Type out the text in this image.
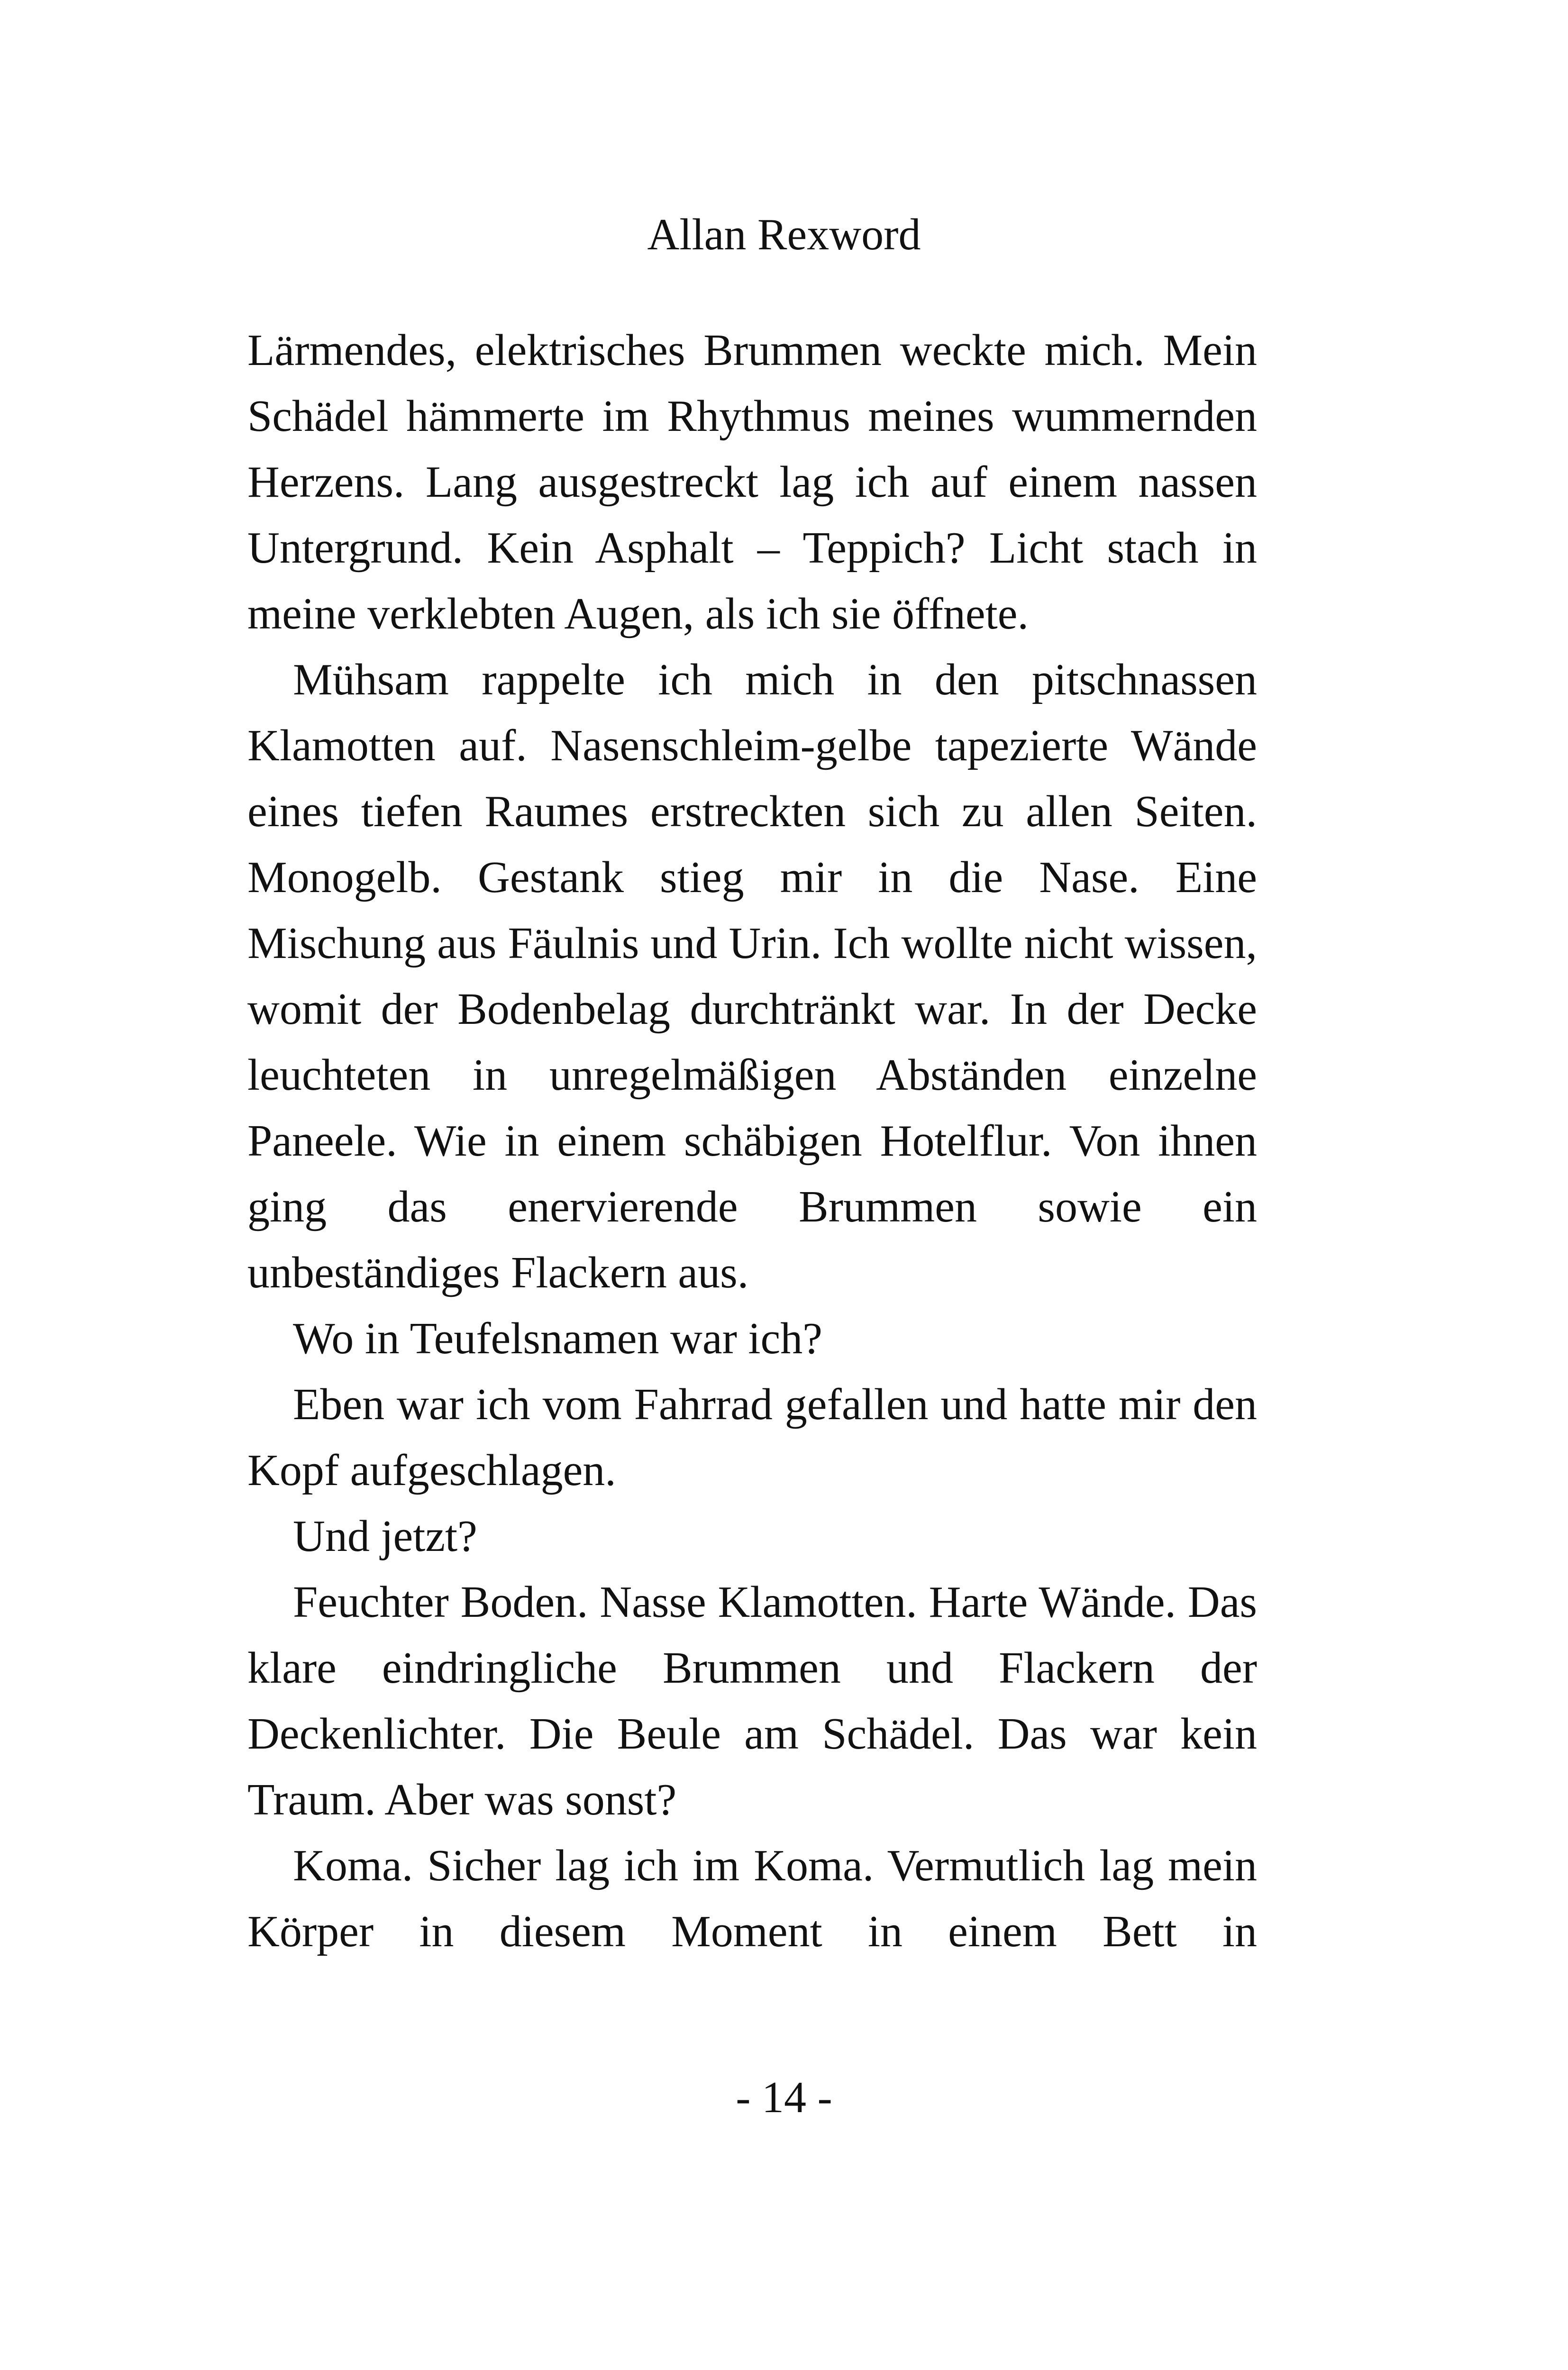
Allan Rexword

Lärmendes, elektrisches Brummen weckte mich. Mein Schädel hämmerte im Rhythmus meines wummernden Herzens. Lang ausgestreckt lag ich auf einem nassen Untergrund. Kein Asphalt – Teppich? Licht stach in meine verklebten Augen, als ich sie öffnete.

Mühsam rappelte ich mich in den pitschnassen Klamotten auf. Nasenschleim-gelbe tapezierte Wände eines tiefen Raumes erstreckten sich zu allen Seiten. Monogelb. Gestank stieg mir in die Nase. Eine Mischung aus Fäulnis und Urin. Ich wollte nicht wissen, womit der Bodenbelag durchtränkt war. In der Decke leuchteten in unregelmäßigen Abständen einzelne Paneele. Wie in einem schäbigen Hotelflur. Von ihnen ging das enervierende Brummen sowie ein unbeständiges Flackern aus.

Wo in Teufelsnamen war ich?

Eben war ich vom Fahrrad gefallen und hatte mir den Kopf aufgeschlagen.

Und jetzt?

Feuchter Boden. Nasse Klamotten. Harte Wände. Das klare eindringliche Brummen und Flackern der Deckenlichter. Die Beule am Schädel. Das war kein Traum. Aber was sonst?

Koma. Sicher lag ich im Koma. Vermutlich lag mein Körper in diesem Moment in einem Bett in

- 14 -
